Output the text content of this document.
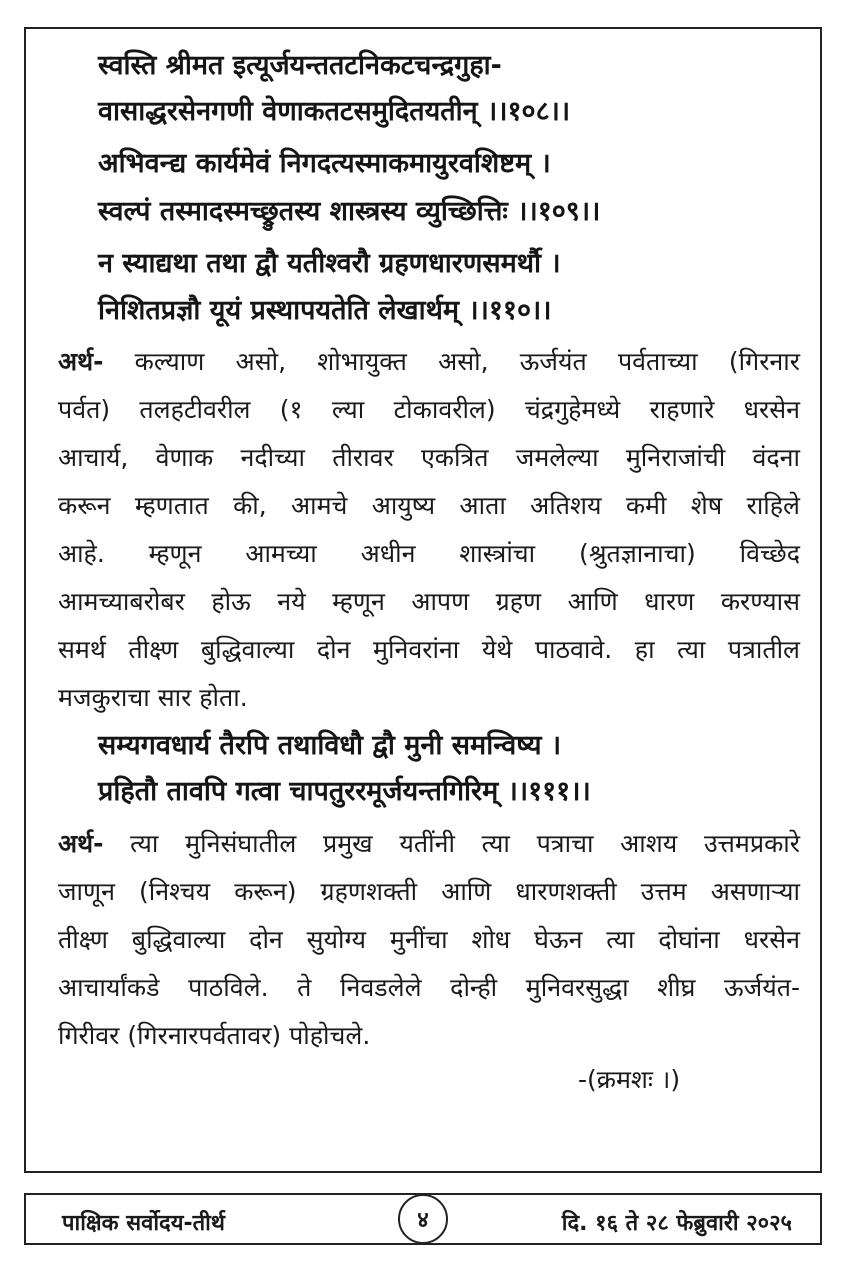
स्वस्ति श्रीमत इत्यूर्जयन्ततटनिकटचन्द्रगुहा-
वासाद्धरसेनगणी वेणाकतटसमुदितयतीन् ।।१०८।।
अभिवन्द्य कार्यमेवं निगदत्यस्माकमायुरवशिष्टम् ।
स्वल्पं तस्मादस्मच्छ्रुतस्य शास्त्रस्य व्युच्छित्तिः ।।१०९।।
न स्याद्यथा तथा द्वौ यतीश्वरौ ग्रहणधारणसमर्थौ ।
निशितप्रज्ञौ यूयं प्रस्थापयतेति लेखार्थम् ।।११०।।
अर्थ- कल्याण असो, शोभायुक्त असो, ऊर्जयंत पर्वताच्या (गिरनार
पर्वत) तलहटीवरील (१ ल्या टोकावरील) चंद्रगुहेमध्ये राहणारे धरसेन
आचार्य, वेणाक नदीच्या तीरावर एकत्रित जमलेल्या मुनिराजांची वंदना
करून म्हणतात की, आमचे आयुष्य आता अतिशय कमी शेष राहिले
आहे. म्हणून आमच्या अधीन शास्त्रांचा (श्रुतज्ञानाचा) विच्छेद
आमच्याबरोबर होऊ नये म्हणून आपण ग्रहण आणि धारण करण्यास
समर्थ तीक्ष्ण बुद्धिवाल्या दोन मुनिवरांना येथे पाठवावे. हा त्या पत्रातील
मजकुराचा सार होता.
सम्यगवधार्य तैरपि तथाविधौ द्वौ मुनी समन्विष्य ।
प्रहितौ तावपि गत्वा चापतुररमूर्जयन्तगिरिम् ।।१११।।
अर्थ- त्या मुनिसंघातील प्रमुख यतींनी त्या पत्राचा आशय उत्तमप्रकारे
जाणून (निश्चय करून) ग्रहणशक्ती आणि धारणशक्ती उत्तम असणाऱ्या
तीक्ष्ण बुद्धिवाल्या दोन सुयोग्य मुनींचा शोध घेऊन त्या दोघांना धरसेन
आचार्यांकडे पाठविले. ते निवडलेले दोन्ही मुनिवरसुद्धा शीघ्र ऊर्जयंत-
गिरीवर (गिरनारपर्वतावर) पोहोचले.
-(क्रमशः ।)
पाक्षिक सर्वोदय-तीर्थ	४	दि. १६ ते २८ फेब्रुवारी २०२५
